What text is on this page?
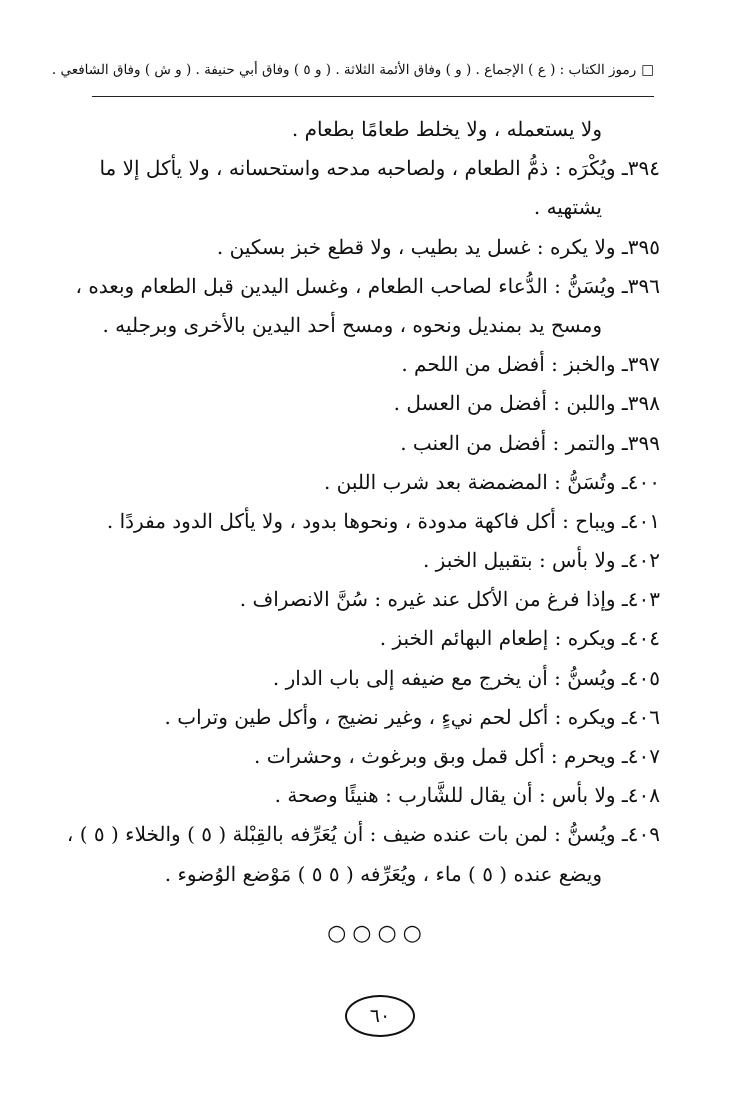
□رموز الكتاب : ( ع ) الإجماع . ( و ) وفاق الأئمة الثلاثة . ( و ٥ ) وفاق أبي حنيفة . ( و ش ) وفاق الشافعي .
ولا يستعمله ، ولا يخلط طعامًا بطعام .
٣٩٤ـ ويُكْرَه : ذمُّ الطعام ، ولصاحبه مدحه واستحسانه ، ولا يأكل إلا ما
يشتهيه .
٣٩٥ـ ولا يكره : غسل يد بطيب ، ولا قطع خبز بسكين .
٣٩٦ـ ويُسَنُّ : الدُّعاء لصاحب الطعام ، وغسل اليدين قبل الطعام وبعده ،
ومسح يد بمنديل ونحوه ، ومسح أحد اليدين بالأخرى وبرجليه .
٣٩٧ـ والخبز : أفضل من اللحم .
٣٩٨ـ واللبن : أفضل من العسل .
٣٩٩ـ والتمر : أفضل من العنب .
٤٠٠ـ وتُسَنُّ : المضمضة بعد شرب اللبن .
٤٠١ـ ويباح : أكل فاكهة مدودة ، ونحوها بدود ، ولا يأكل الدود مفردًا .
٤٠٢ـ ولا بأس : بتقبيل الخبز .
٤٠٣ـ وإذا فرغ من الأكل عند غيره : سُنَّ الانصراف .
٤٠٤ـ ويكره : إطعام البهائم الخبز .
٤٠٥ـ ويُسنُّ : أن يخرج مع ضيفه إلى باب الدار .
٤٠٦ـ ويكره : أكل لحم نيءٍ ، وغير نضيج ، وأكل طين وتراب .
٤٠٧ـ ويحرم : أكل قمل وبق وبرغوث ، وحشرات .
٤٠٨ـ ولا بأس : أن يقال للشَّارب : هنيئًا وصحة .
٤٠٩ـ ويُسنُّ : لمن بات عنده ضيف : أن يُعَرِّفه بالقِبْلة ( ٥ ) والخلاء ( ٥ ) ،
ويضع عنده ( ٥ ) ماء ، ويُعَرِّفه ( ٥ ٥ ) مَوْضع الوُضوء .
○○○○
٦٠
